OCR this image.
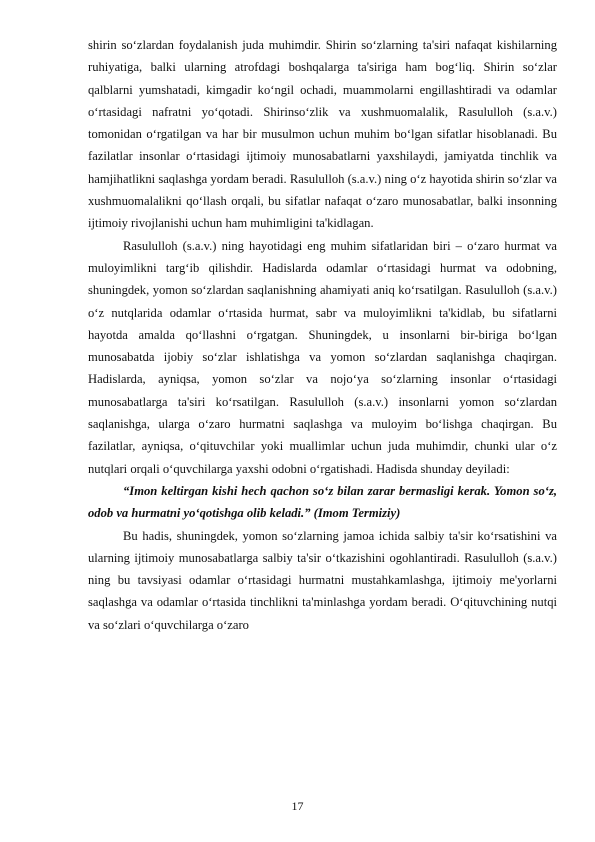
shirin so‘zlardan foydalanish juda muhimdir. Shirin so‘zlarning ta'siri nafaqat kishilarning ruhiyatiga, balki ularning atrofdagi boshqalarga ta'siriga ham bog‘liq. Shirin so‘zlar qalblarni yumshatadi, kimgadir ko‘ngil ochadi, muammolarni engillashtiradi va odamlar o‘rtasidagi nafratni yo‘qotadi. Shirinso‘zlik va xushmuomalalik, Rasululloh (s.a.v.) tomonidan o‘rgatilgan va har bir musulmon uchun muhim bo‘lgan sifatlar hisoblanadi. Bu fazilatlar insonlar o‘rtasidagi ijtimoiy munosabatlarni yaxshilaydi, jamiyatda tinchlik va hamjihatlikni saqlashga yordam beradi. Rasululloh (s.a.v.) ning o‘z hayotida shirin so‘zlar va xushmuomalalikni qo‘llash orqali, bu sifatlar nafaqat o‘zaro munosabatlar, balki insonning ijtimoiy rivojlanishi uchun ham muhimligini ta'kidlagan.

Rasululloh (s.a.v.) ning hayotidagi eng muhim sifatlaridan biri – o‘zaro hurmat va muloyimlikni targ‘ib qilishdir. Hadislarda odamlar o‘rtasidagi hurmat va odobning, shuningdek, yomon so‘zlardan saqlanishning ahamiyati aniq ko‘rsatilgan. Rasululloh (s.a.v.) o‘z nutqlarida odamlar o‘rtasida hurmat, sabr va muloyimlikni ta'kidlab, bu sifatlarni hayotda amalda qo‘llashni o‘rgatgan. Shuningdek, u insonlarni bir-biriga bo‘lgan munosabatda ijobiy so‘zlar ishlatishga va yomon so‘zlardan saqlanishga chaqirgan. Hadislarda, ayniqsa, yomon so‘zlar va nojo‘ya so‘zlarning insonlar o‘rtasidagi munosabatlarga ta'siri ko‘rsatilgan. Rasululloh (s.a.v.) insonlarni yomon so‘zlardan saqlanishga, ularga o‘zaro hurmatni saqlashga va muloyim bo‘lishga chaqirgan. Bu fazilatlar, ayniqsa, o‘qituvchilar yoki muallimlar uchun juda muhimdir, chunki ular o‘z nutqlari orqali o‘quvchilarga yaxshi odobni o‘rgatishadi. Hadisda shunday deyiladi:

“Imon keltirgan kishi hech qachon so‘z bilan zarar bermasligi kerak. Yomon so‘z, odob va hurmatni yo‘qotishga olib keladi.” (Imom Termiziy)

Bu hadis, shuningdek, yomon so‘zlarning jamoa ichida salbiy ta'sir ko‘rsatishini va ularning ijtimoiy munosabatlarga salbiy ta'sir o‘tkazishini ogohlantiradi. Rasululloh (s.a.v.) ning bu tavsiyasi odamlar o‘rtasidagi hurmatni mustahkamlashga, ijtimoiy me'yorlarni saqlashga va odamlar o‘rtasida tinchlikni ta'minlashga yordam beradi. O‘qituvchining nutqi va so‘zlari o‘quvchilarga o‘zaro

17
